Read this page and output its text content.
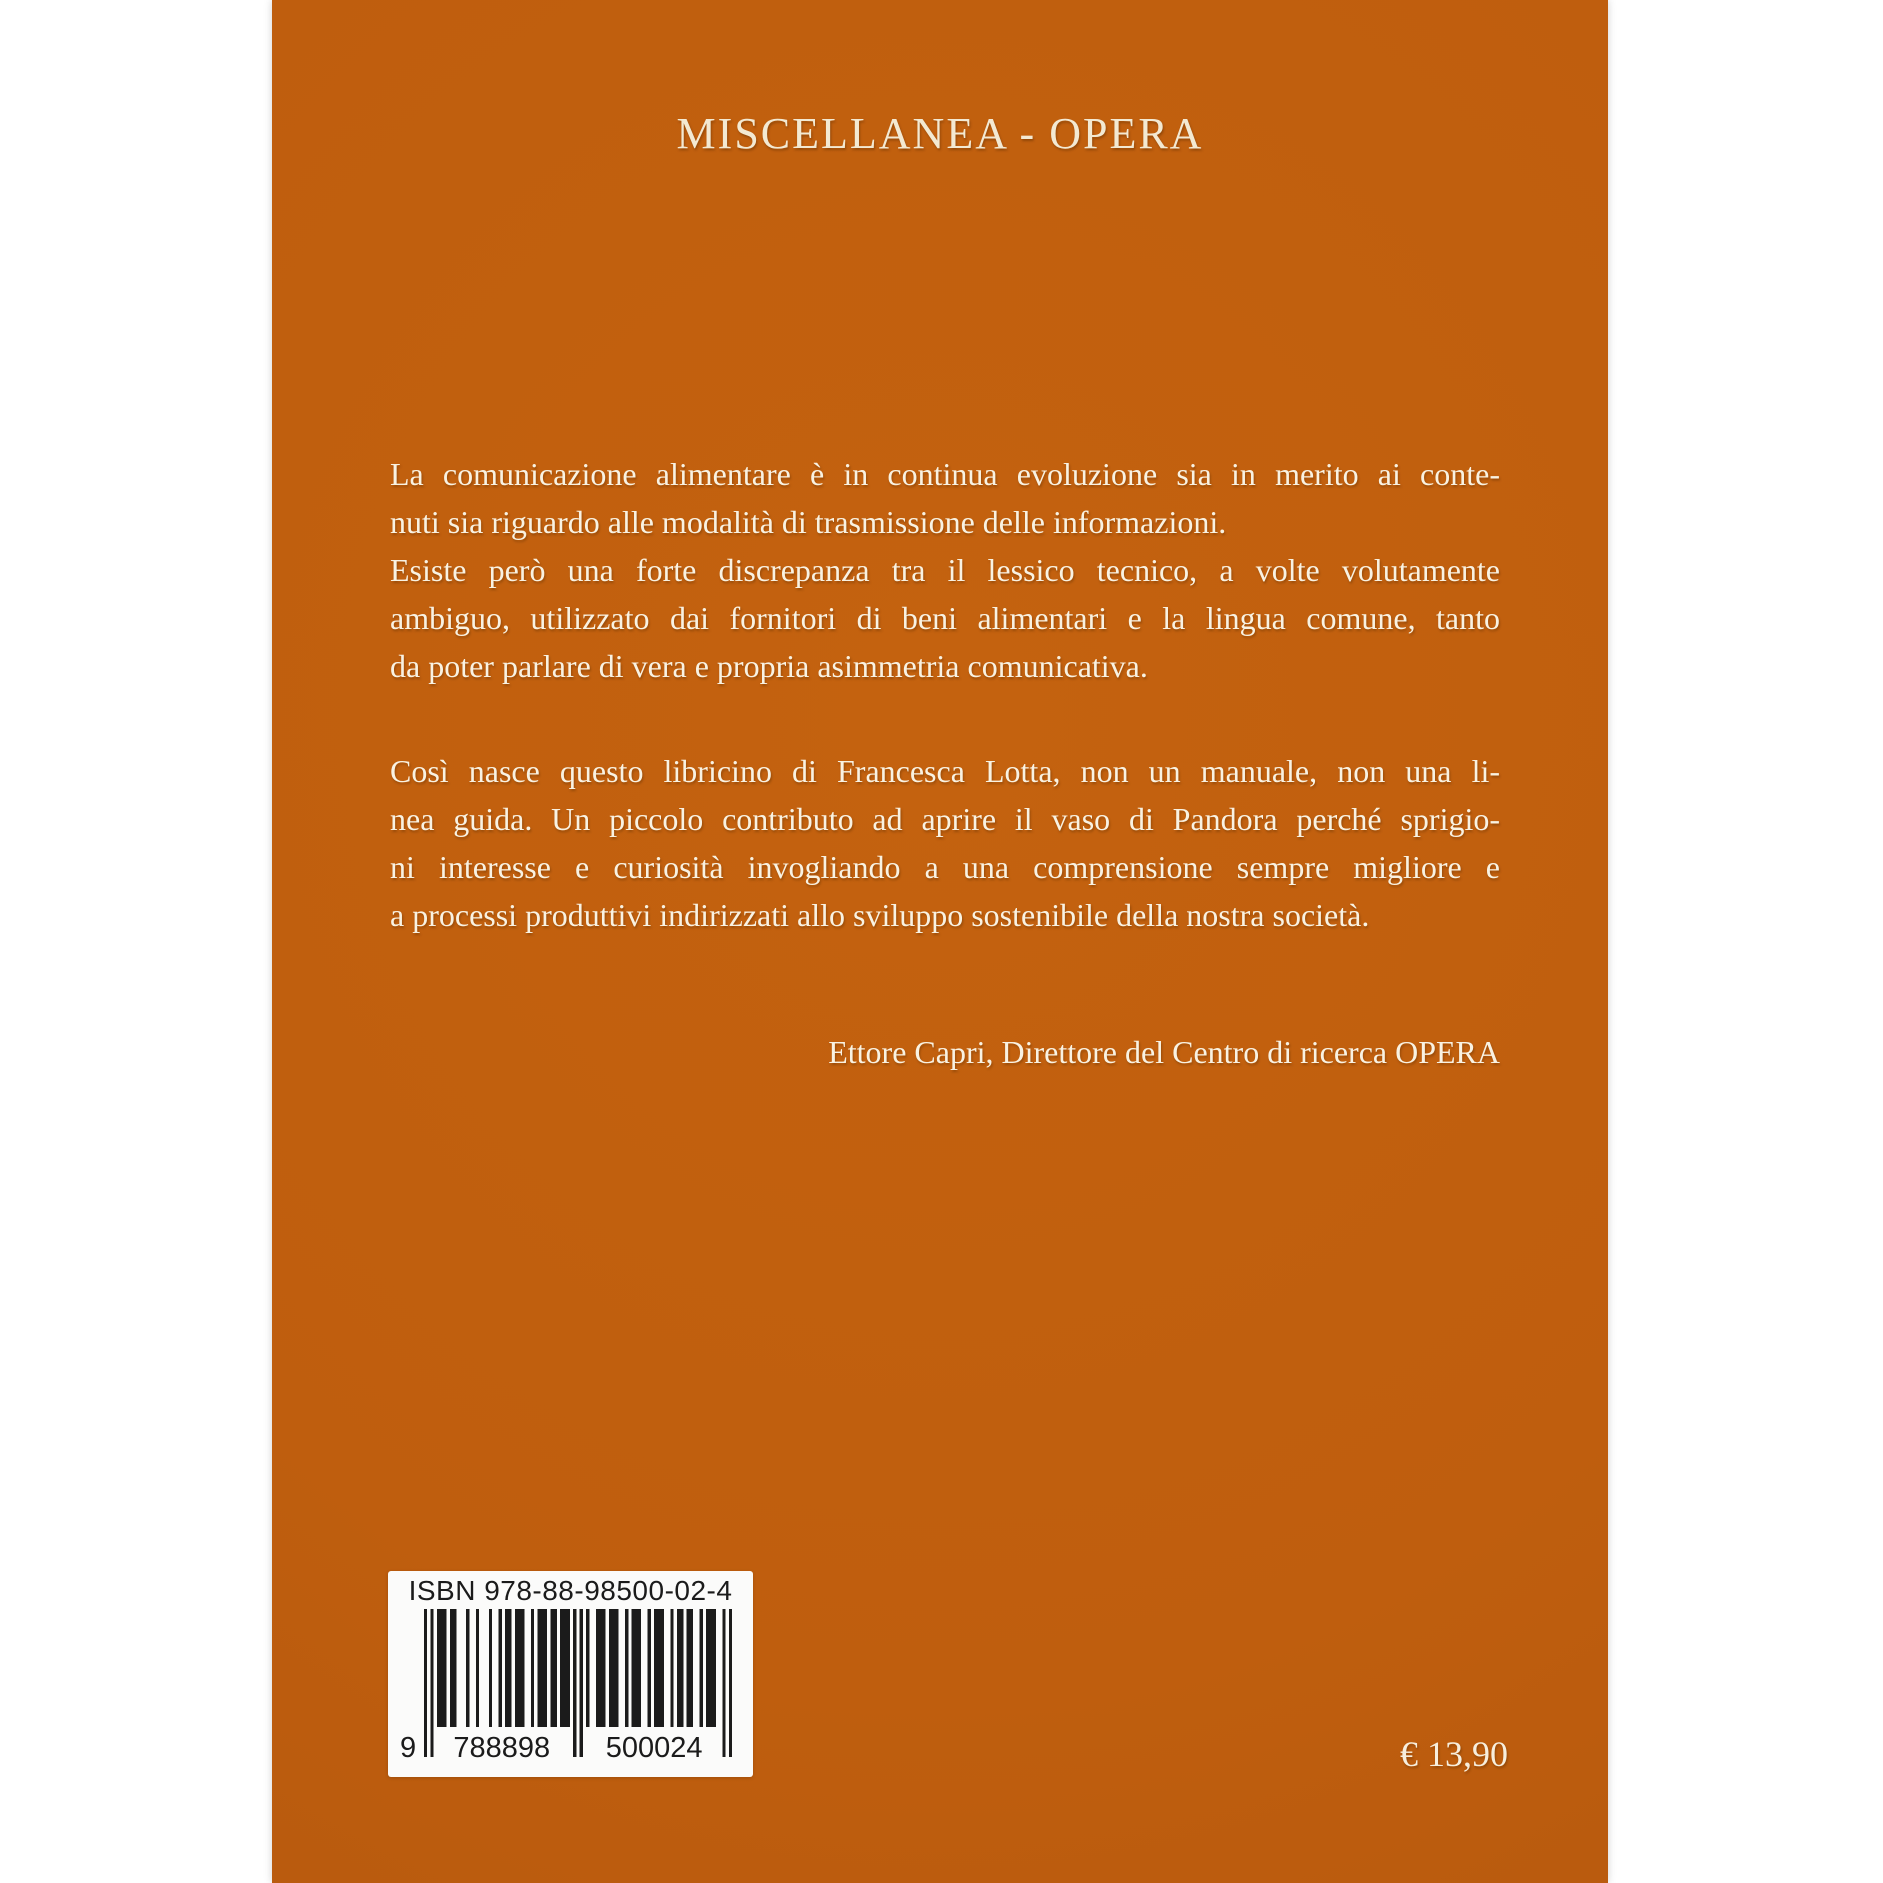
MISCELLANEA - OPERA
La comunicazione alimentare è in continua evoluzione sia in merito ai conte-
nuti sia riguardo alle modalità di trasmissione delle informazioni.
Esiste però una forte discrepanza tra il lessico tecnico, a volte volutamente
ambiguo, utilizzato dai fornitori di beni alimentari e la lingua comune, tanto
da poter parlare di vera e propria asimmetria comunicativa.
Così nasce questo libricino di Francesca Lotta, non un manuale, non una li-
nea guida. Un piccolo contributo ad aprire il vaso di Pandora perché sprigio-
ni interesse e curiosità invogliando a una comprensione sempre migliore e
a processi produttivi indirizzati allo sviluppo sostenibile della nostra società.
Ettore Capri, Direttore del Centro di ricerca OPERA
ISBN 978-88-98500-02-4
9	788898	500024	€ 13,90
